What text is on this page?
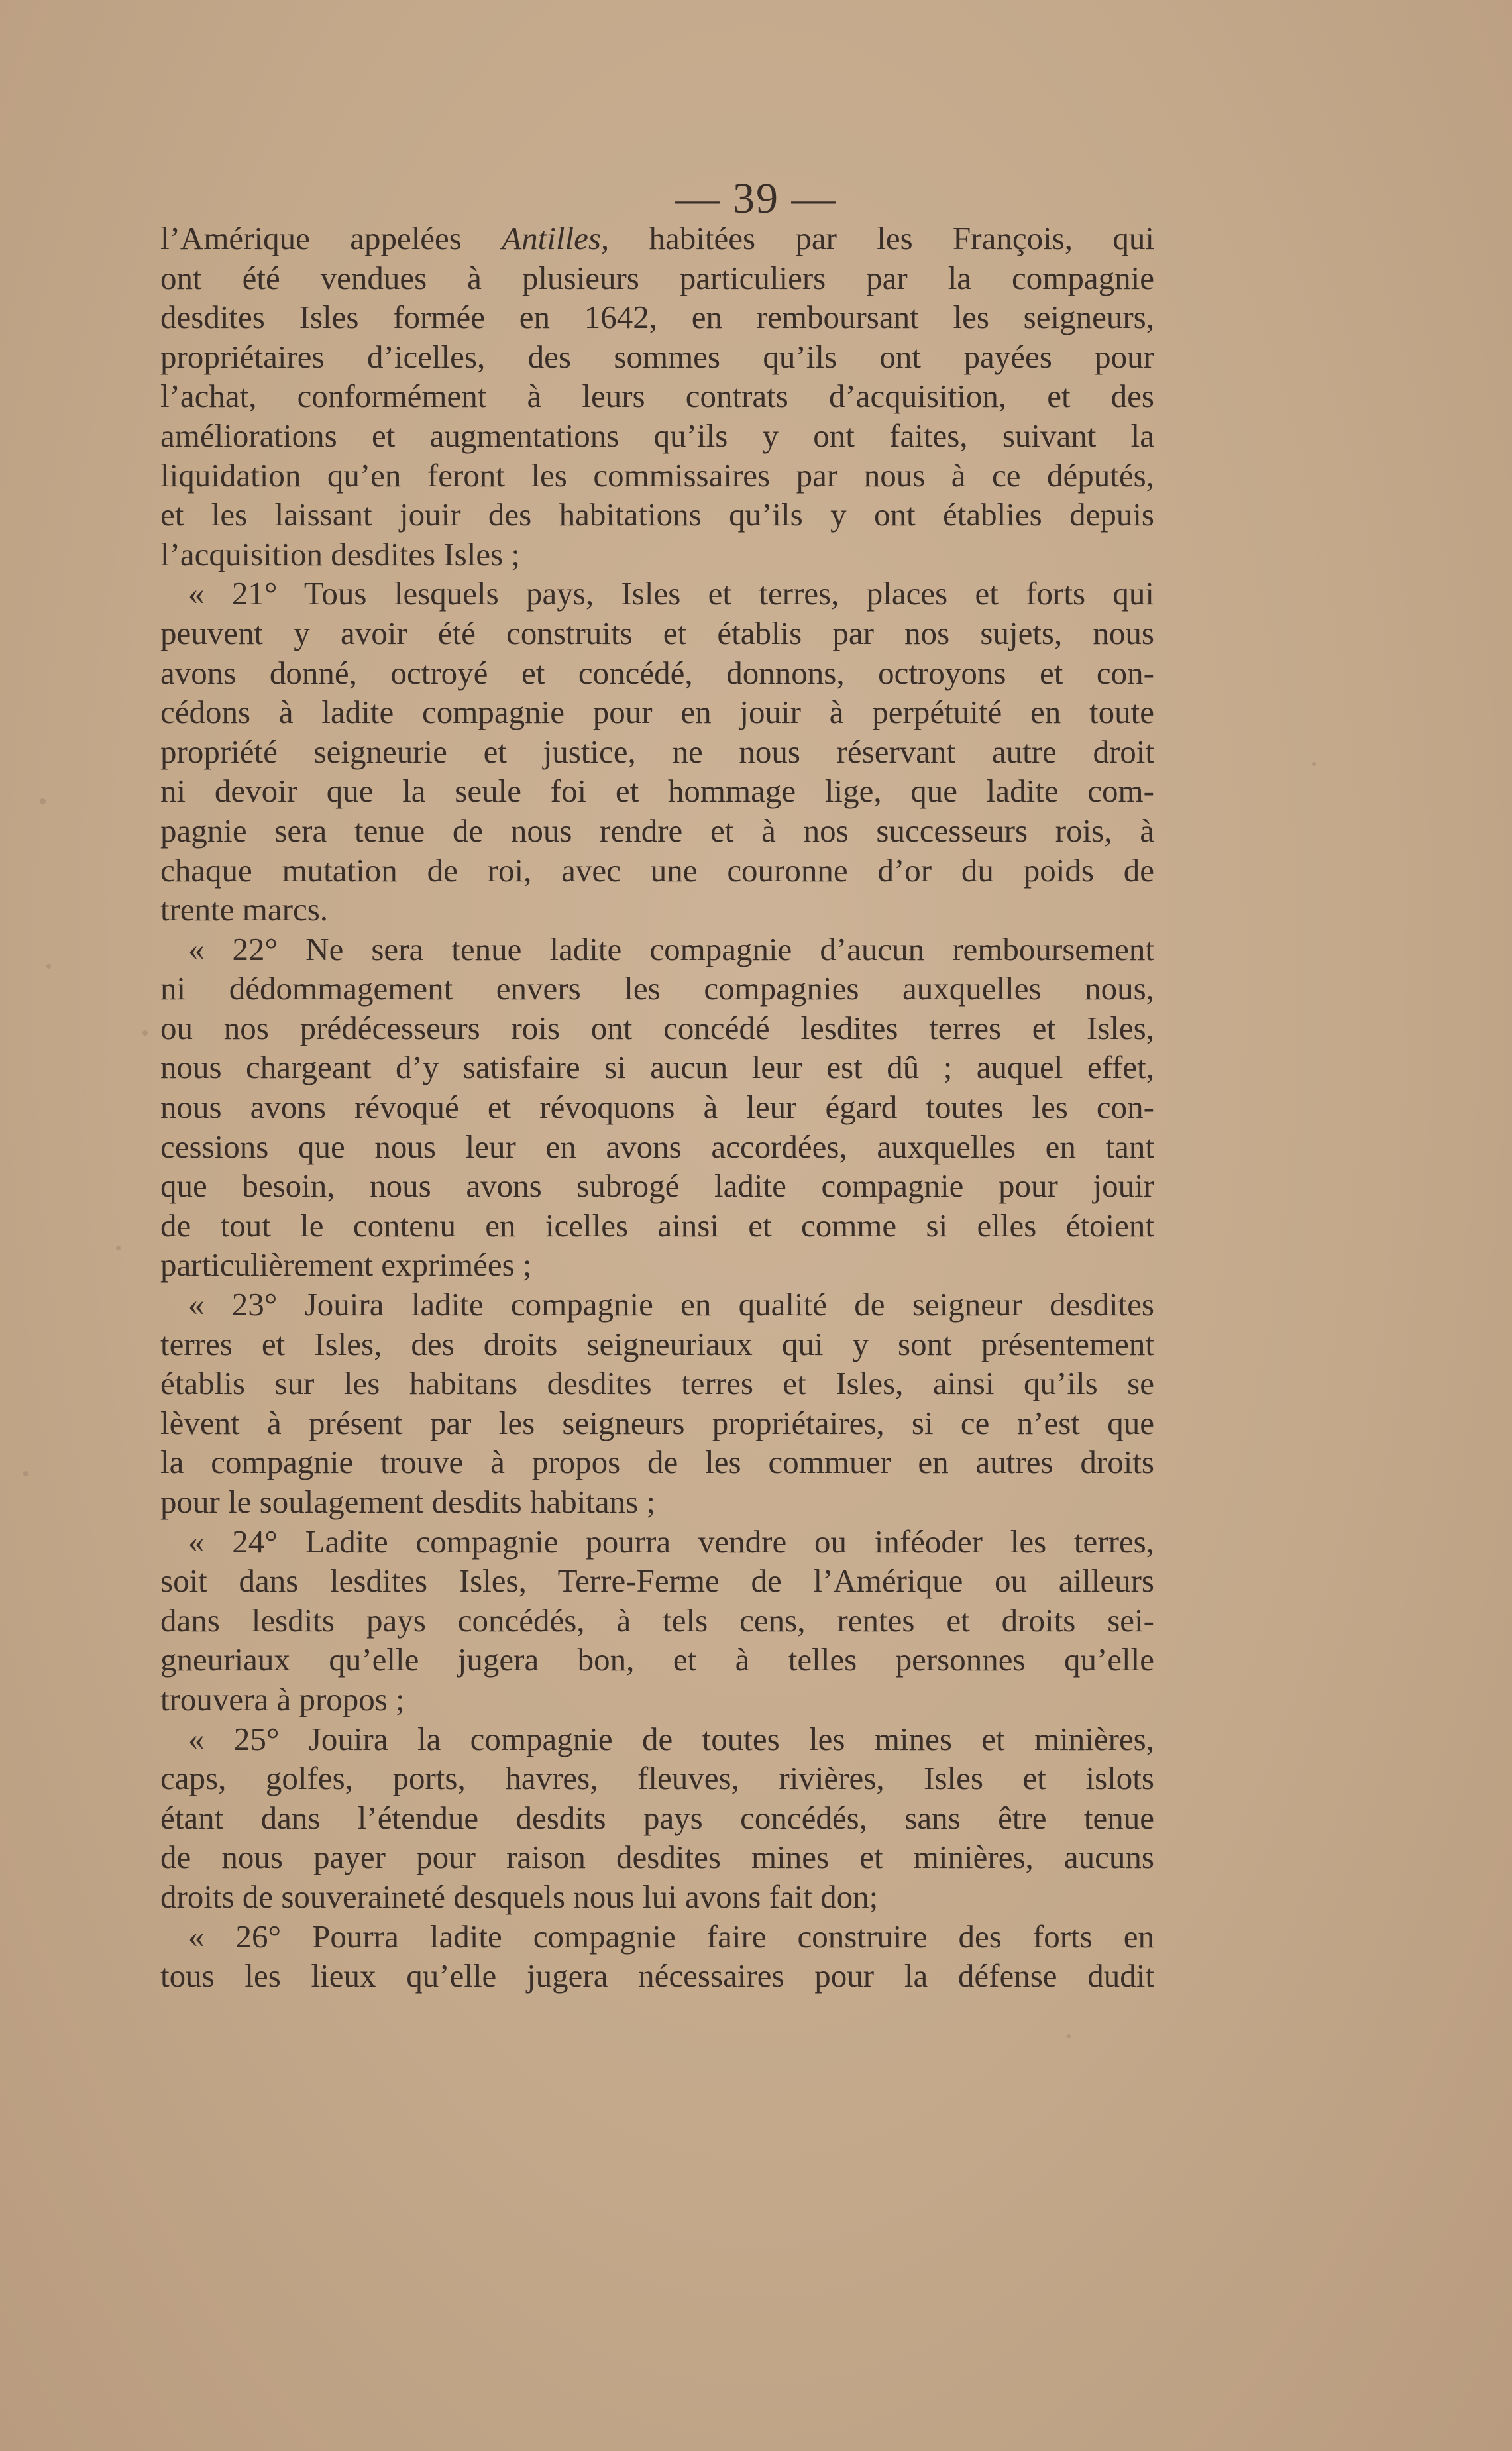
— 39 —
l’Amérique appelées Antilles, habitées par les François, qui
ont été vendues à plusieurs particuliers par la compagnie
desdites Isles formée en 1642, en remboursant les seigneurs,
propriétaires d’icelles, des sommes qu’ils ont payées pour
l’achat, conformément à leurs contrats d’acquisition, et des
améliorations et augmentations qu’ils y ont faites, suivant la
liquidation qu’en feront les commissaires par nous à ce députés,
et les laissant jouir des habitations qu’ils y ont établies depuis
l’acquisition desdites Isles ;
« 21° Tous lesquels pays, Isles et terres, places et forts qui
peuvent y avoir été construits et établis par nos sujets, nous
avons donné, octroyé et concédé, donnons, octroyons et con-
cédons à ladite compagnie pour en jouir à perpétuité en toute
propriété seigneurie et justice, ne nous réservant autre droit
ni devoir que la seule foi et hommage lige, que ladite com-
pagnie sera tenue de nous rendre et à nos successeurs rois, à
chaque mutation de roi, avec une couronne d’or du poids de
trente marcs.
« 22° Ne sera tenue ladite compagnie d’aucun remboursement
ni dédommagement envers les compagnies auxquelles nous,
ou nos prédécesseurs rois ont concédé lesdites terres et Isles,
nous chargeant d’y satisfaire si aucun leur est dû ; auquel effet,
nous avons révoqué et révoquons à leur égard toutes les con-
cessions que nous leur en avons accordées, auxquelles en tant
que besoin, nous avons subrogé ladite compagnie pour jouir
de tout le contenu en icelles ainsi et comme si elles étoient
particulièrement exprimées ;
« 23° Jouira ladite compagnie en qualité de seigneur desdites
terres et Isles, des droits seigneuriaux qui y sont présentement
établis sur les habitans desdites terres et Isles, ainsi qu’ils se
lèvent à présent par les seigneurs propriétaires, si ce n’est que
la compagnie trouve à propos de les commuer en autres droits
pour le soulagement desdits habitans ;
« 24° Ladite compagnie pourra vendre ou inféoder les terres,
soit dans lesdites Isles, Terre-Ferme de l’Amérique ou ailleurs
dans lesdits pays concédés, à tels cens, rentes et droits sei-
gneuriaux qu’elle jugera bon, et à telles personnes qu’elle
trouvera à propos ;
« 25° Jouira la compagnie de toutes les mines et minières,
caps, golfes, ports, havres, fleuves, rivières, Isles et islots
étant dans l’étendue desdits pays concédés, sans être tenue
de nous payer pour raison desdites mines et minières, aucuns
droits de souveraineté desquels nous lui avons fait don;
« 26° Pourra ladite compagnie faire construire des forts en
tous les lieux qu’elle jugera nécessaires pour la défense dudit
